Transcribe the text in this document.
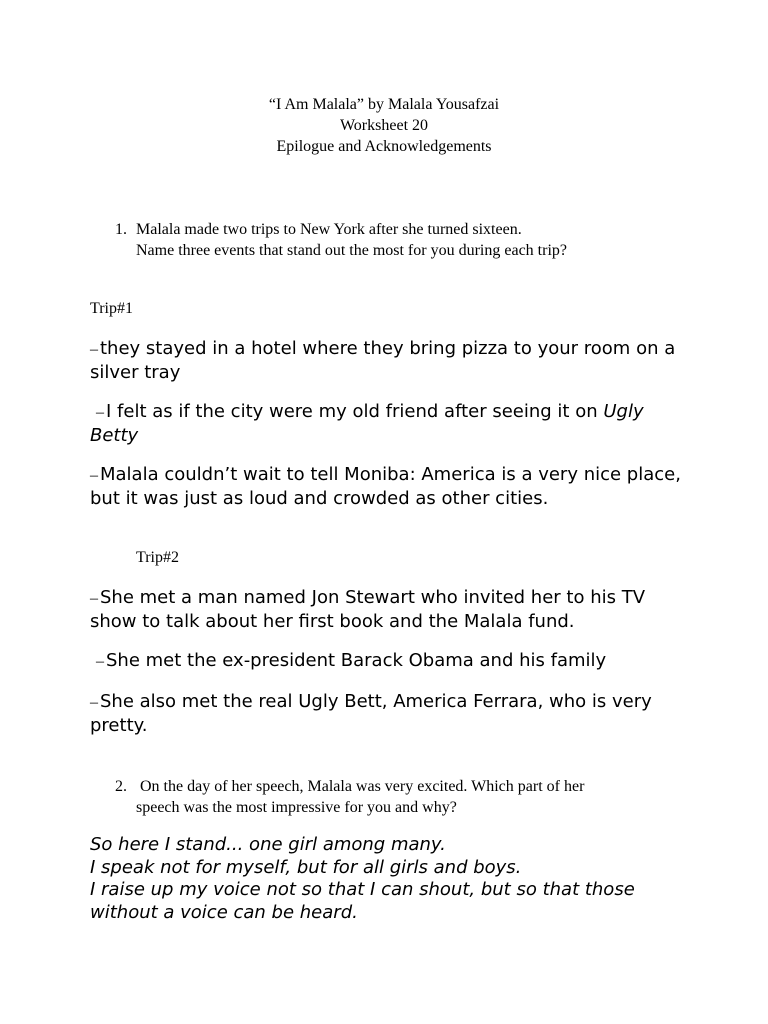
“I Am Malala” by Malala Yousafzai
Worksheet 20
Epilogue and Acknowledgements
1. Malala made two trips to New York after she turned sixteen.
Name three events that stand out the most for you during each trip?
Trip#1
– they stayed in a hotel where they bring pizza to your room on a silver tray
– I felt as if the city were my old friend after seeing it on Ugly Betty
– Malala couldn’t wait to tell Moniba: America is a very nice place, but it was just as loud and crowded as other cities.
Trip#2
– She met a man named Jon Stewart who invited her to his TV show to talk about her first book and the Malala fund.
– She met the ex-president Barack Obama and his family
– She also met the real Ugly Bett, America Ferrara, who is very pretty.
2. On the day of her speech, Malala was very excited. Which part of her
speech was the most impressive for you and why?
So here I stand... one girl among many.
I speak not for myself, but for all girls and boys.
I raise up my voice not so that I can shout, but so that those
without a voice can be heard.
